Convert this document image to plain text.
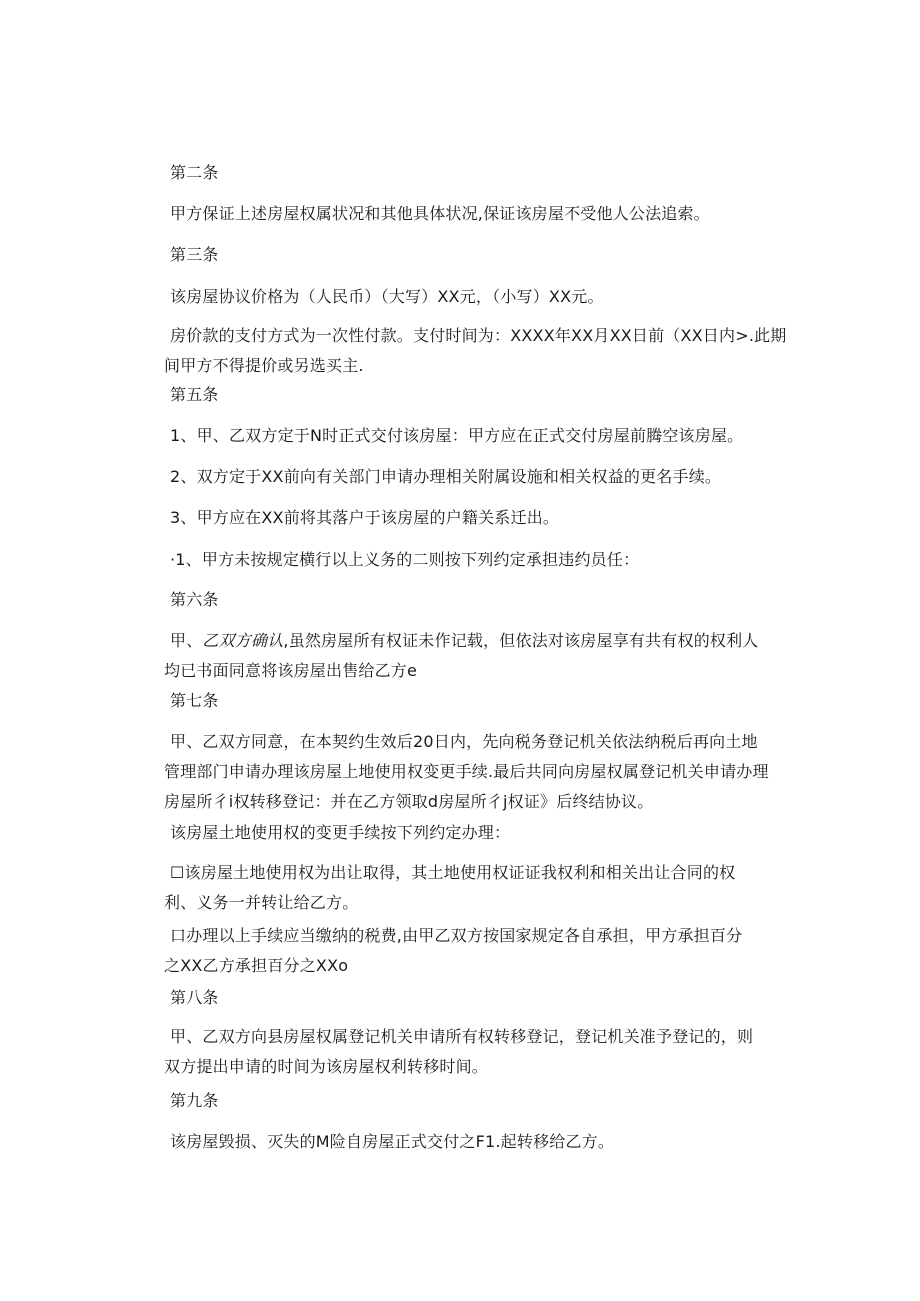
第二条
甲方保证上述房屋权属状况和其他具体状况,保证该房屋不受他人公法追索。
第三条
该房屋协议价格为（人民币）（大写）XX元，（小写）XX元。
房价款的支付方式为一次性付款。支付时间为：XXXX年XX月XX日前（XX日内>.此期
间甲方不得提价或另选买主.
第五条
1、甲、乙双方定于N时正式交付该房屋：甲方应在正式交付房屋前腾空该房屋。
2、双方定于XX前向有关部门申请办理相关附属设施和相关权益的更名手续。
3、甲方应在XX前将其落户于该房屋的户籍关系迁出。
·1、甲方未按规定横行以上义务的二则按下列约定承担违约员任：
第六条
甲、乙双方确认,虽然房屋所有权证未作记载，但依法对该房屋享有共有权的权利人
均已书面同意将该房屋出售给乙方e
第七条
甲、乙双方同意，在本契约生效后20日内，先向税务登记机关依法纳税后再向土地
管理部门申请办理该房屋上地使用权变更手续.最后共同向房屋权属登记机关申请办理
房屋所彳i权转移登记：并在乙方领取d房屋所彳j权证》后终结协议。
该房屋土地使用权的变更手续按下列约定办理：
☐该房屋土地使用权为出让取得，其土地使用权证证我权利和相关出让合同的权
利、义务一并转让给乙方。
口办理以上手续应当缴纳的税费,由甲乙双方按国家规定各自承担，甲方承担百分
之XX乙方承担百分之XXo
第八条
甲、乙双方向县房屋权属登记机关申请所有权转移登记，登记机关准予登记的，则
双方提出申请的时间为该房屋权利转移时间。
第九条
该房屋毁损、灭失的M险自房屋正式交付之F1.起转移给乙方。
